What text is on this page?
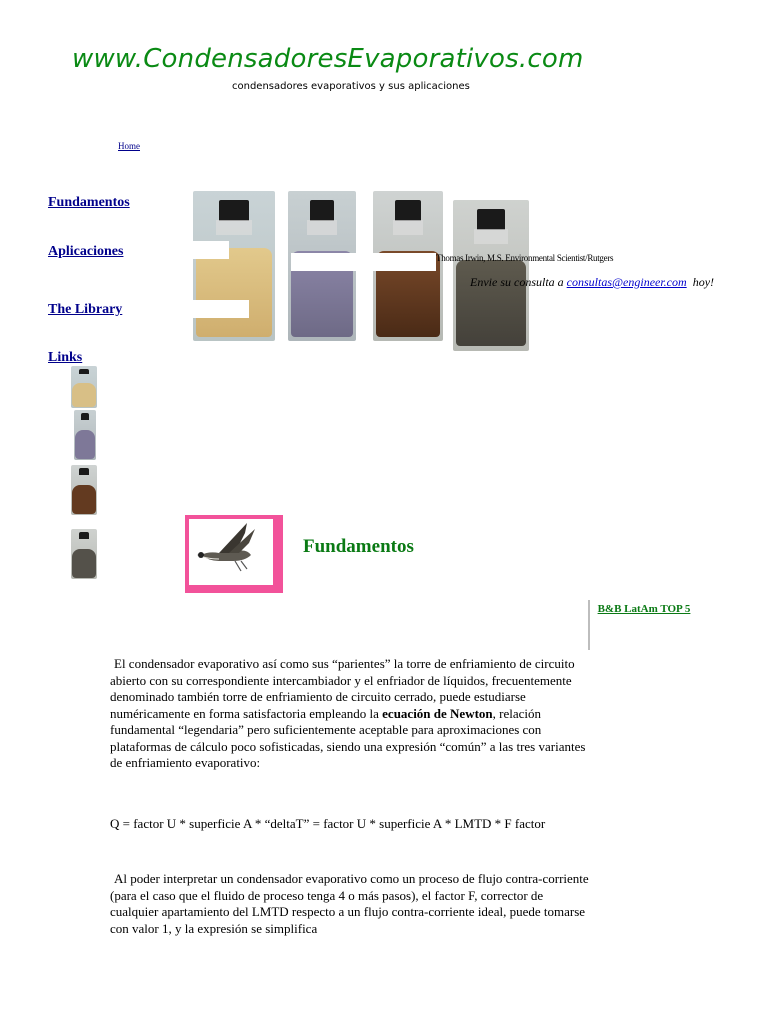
www.CondensadoresEvaporativos.com
condensadores evaporativos y sus aplicaciones
Home
Fundamentos
Aplicaciones
The Library
Links
Thomas Irwin, M.S. Environmental Scientist/Rutgers
Envie su consulta a consultas@engineer.com hoy!
Fundamentos
B&B LatAm TOP 5
El condensador evaporativo así como sus “parientes” la torre de enfriamiento de circuito abierto con su correspondiente intercambiador y el enfriador de líquidos, frecuentemente denominado también torre de enfriamiento de circuito cerrado, puede estudiarse numéricamente en forma satisfactoria empleando la ecuación de Newton, relación fundamental “legendaria” pero suficientemente aceptable para aproximaciones con plataformas de cálculo poco sofisticadas, siendo una expresión “común” a las tres variantes de enfriamiento evaporativo:
Q = factor U * superficie A * “deltaT” = factor U * superficie A * LMTD * F factor
Al poder interpretar un condensador evaporativo como un proceso de flujo contra-corriente (para el caso que el fluido de proceso tenga 4 o más pasos), el factor F, corrector de cualquier apartamiento del LMTD respecto a un flujo contra-corriente ideal, puede tomarse con valor 1, y la expresión se simplifica
